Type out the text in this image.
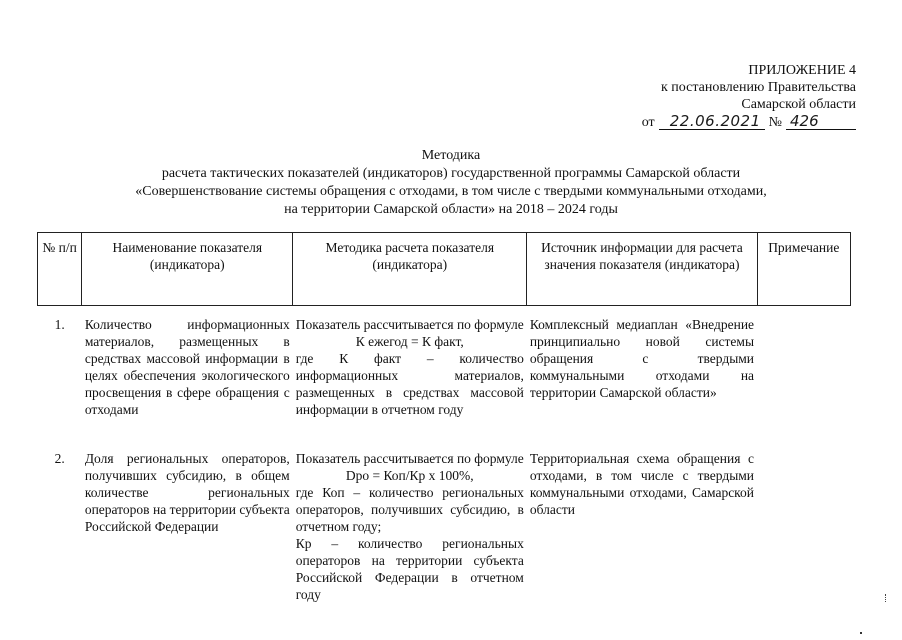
ПРИЛОЖЕНИЕ 4
к постановлению Правительства
Самарской области
от	22.06.2021 № 426
Методика
расчета тактических показателей (индикаторов) государственной программы Самарской области
«Совершенствование системы обращения с отходами, в том числе с твердыми коммунальными отходами,
на территории Самарской области» на 2018 – 2024 годы
№ п/п	Наименование показателя (индикатора)	Методика расчета показателя (индикатора)	Источник информации для расчета значения показателя (индикатора)	Примечание
1.	Количество информационных материалов, размещенных в средствах массовой информации в целях обеспечения экологического просвещения в сфере обращения с отходами	Показатель рассчитывается по формуле
К ежегод = К факт,
где К факт – количество информационных материалов, размещенных в средствах массовой информации в отчетном году	Комплексный медиаплан «Внедрение принципиально новой системы обращения с твердыми коммунальными отходами на территории Самарской области»	
2.	Доля региональных операторов, получивших субсидию, в общем количестве региональных операторов на территории субъекта Российской Федерации	Показатель рассчитывается по формуле
Dро = Коп/Кр x 100%,
где Коп – количество региональных операторов, получивших субсидию, в отчетном году;
Кр – количество региональных операторов на территории субъекта Российской Федерации в отчетном году	Территориальная схема обращения с отходами, в том числе с твердыми коммунальными отходами, Самарской области	
